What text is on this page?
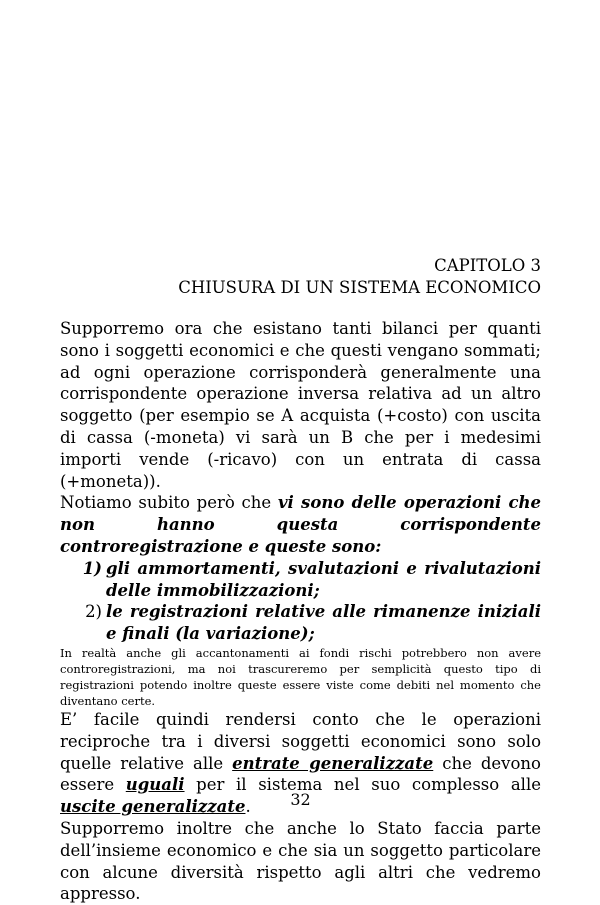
CAPITOLO 3
CHIUSURA DI UN SISTEMA ECONOMICO

Supporremo ora che esistano tanti bilanci per quanti sono i soggetti economici e che questi vengano sommati; ad ogni operazione corrisponderà generalmente una corrispondente operazione inversa relativa ad un altro soggetto (per esempio se A acquista (+costo) con uscita di cassa (-moneta) vi sarà un B che per i medesimi importi vende (-ricavo) con un entrata di cassa (+moneta)).

Notiamo subito però che vi sono delle operazioni che non hanno questa corrispondente controregistrazione e queste sono:

1) gli ammortamenti, svalutazioni e rivalutazioni delle immobilizzazioni;
2) le registrazioni relative alle rimanenze iniziali e finali (la variazione);

In realtà anche gli accantonamenti ai fondi rischi potrebbero non avere controregistrazioni, ma noi trascureremo per semplicità questo tipo di registrazioni potendo inoltre queste essere viste come debiti nel momento che diventano certe.

E’ facile quindi rendersi conto che le operazioni reciproche tra i diversi soggetti economici sono solo quelle relative alle entrate generalizzate che devono essere uguali per il sistema nel suo complesso alle uscite generalizzate.

Supporremo inoltre che anche lo Stato faccia parte dell’insieme economico e che sia un soggetto particolare con alcune diversità rispetto agli altri che vedremo appresso.

32
